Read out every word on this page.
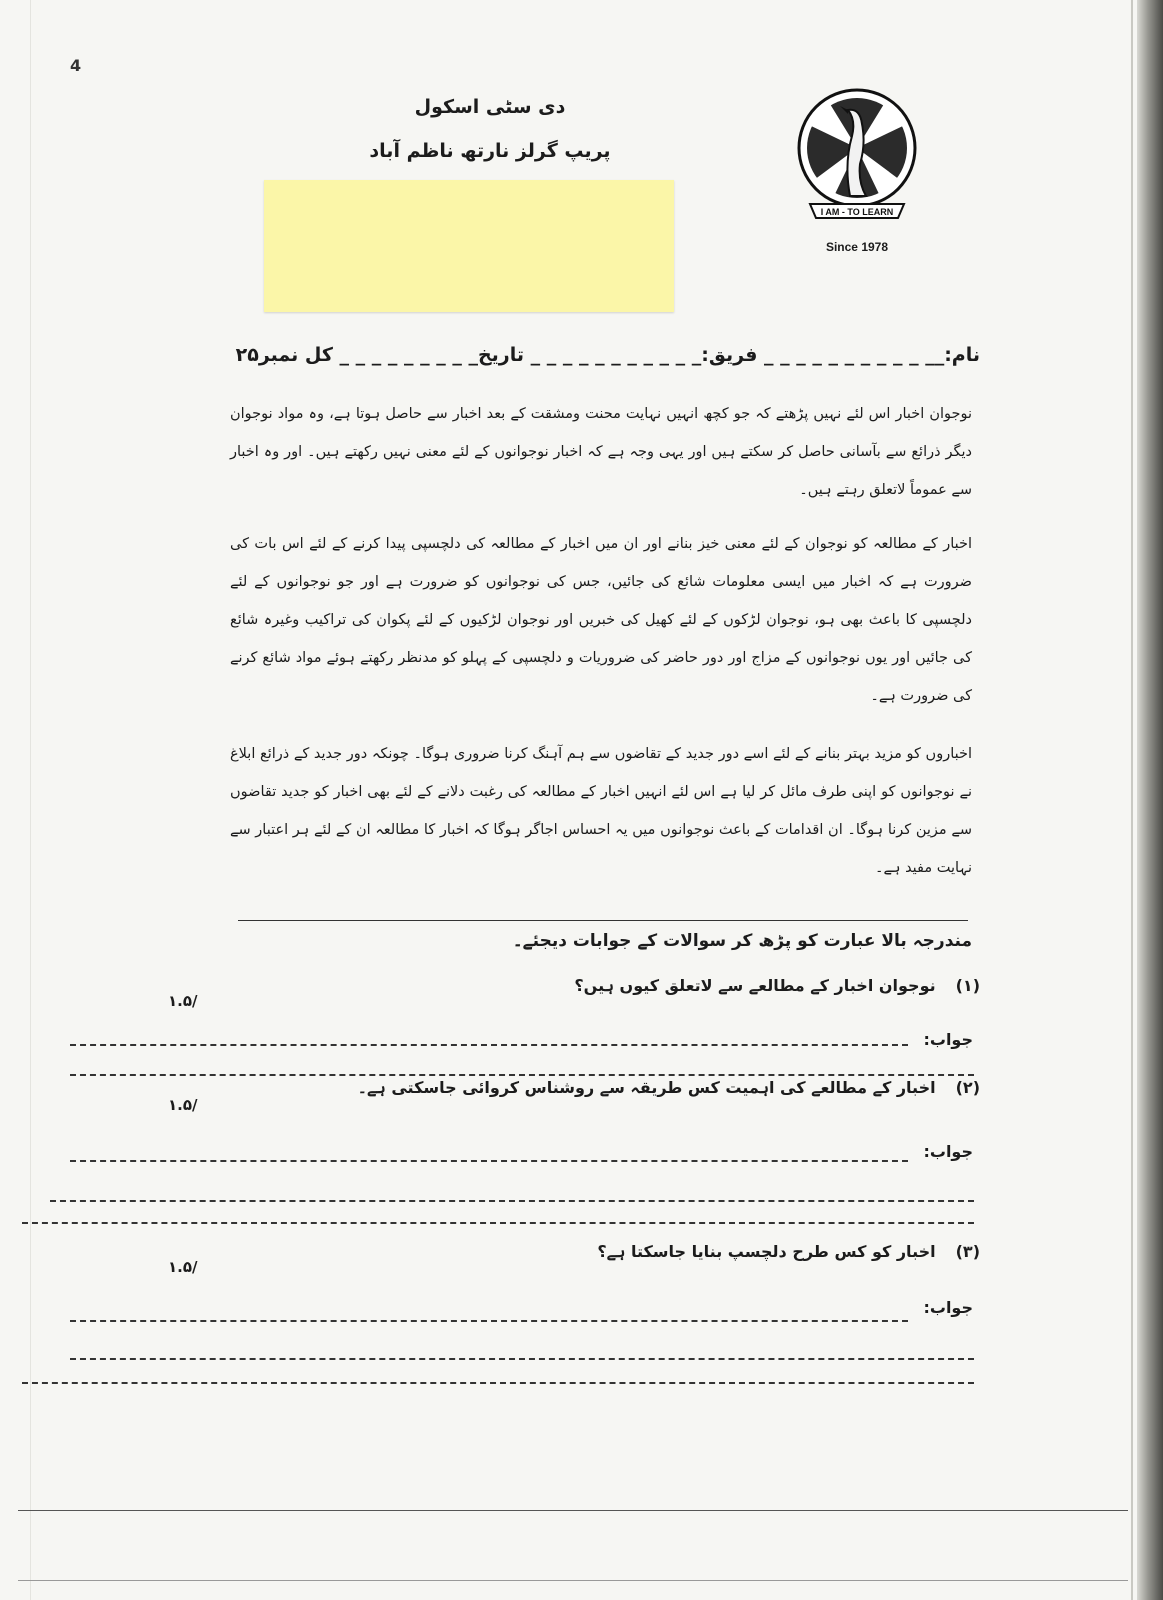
4
دی سٹی اسکول
پریپ گرلز نارتھ ناظم آباد
I AM - TO LEARN
Since 1978
نام:__ _ _ _ _ _ _ _ _ _ _ فریق:_ _ _ _ _ _ _ _ _ _ _ تاریخ_ _ _ _ _ _ _ _ _ کل نمبر۲۵
نوجوان اخبار اس لئے نہیں پڑھتے کہ جو کچھ انہیں نہایت محنت ومشقت کے بعد اخبار سے حاصل ہوتا ہے، وہ مواد نوجوان دیگر ذرائع سے بآسانی حاصل کر سکتے ہیں اور یہی وجہ ہے کہ اخبار نوجوانوں کے لئے معنی نہیں رکھتے ہیں۔ اور وہ اخبار سے عموماً لاتعلق رہتے ہیں۔
اخبار کے مطالعہ کو نوجوان کے لئے معنی خیز بنانے اور ان میں اخبار کے مطالعہ کی دلچسپی پیدا کرنے کے لئے اس بات کی ضرورت ہے کہ اخبار میں ایسی معلومات شائع کی جائیں، جس کی نوجوانوں کو ضرورت ہے اور جو نوجوانوں کے لئے دلچسپی کا باعث بھی ہو، نوجوان لڑکوں کے لئے کھیل کی خبریں اور نوجوان لڑکیوں کے لئے پکوان کی تراکیب وغیرہ شائع کی جائیں اور یوں نوجوانوں کے مزاج اور دور حاضر کی ضروریات و دلچسپی کے پہلو کو مدنظر رکھتے ہوئے مواد شائع کرنے کی ضرورت ہے۔
اخباروں کو مزید بہتر بنانے کے لئے اسے دور جدید کے تقاضوں سے ہم آہنگ کرنا ضروری ہوگا۔ چونکہ دور جدید کے ذرائع ابلاغ نے نوجوانوں کو اپنی طرف مائل کر لیا ہے اس لئے انہیں اخبار کے مطالعہ کی رغبت دلانے کے لئے بھی اخبار کو جدید تقاضوں سے مزین کرنا ہوگا۔ ان اقدامات کے باعث نوجوانوں میں یہ احساس اجاگر ہوگا کہ اخبار کا مطالعہ ان کے لئے ہر اعتبار سے نہایت مفید ہے۔
مندرجہ بالا عبارت کو پڑھ کر سوالات کے جوابات دیجئے۔
(۱)نوجوان اخبار کے مطالعے سے لاتعلق کیوں ہیں؟
/۱.۵
جواب:
(۲)اخبار کے مطالعے کی اہمیت کس طریقہ سے روشناس کروائی جاسکتی ہے۔
/۱.۵
جواب:
(۳)اخبار کو کس طرح دلچسپ بنایا جاسکتا ہے؟
/۱.۵
جواب:
